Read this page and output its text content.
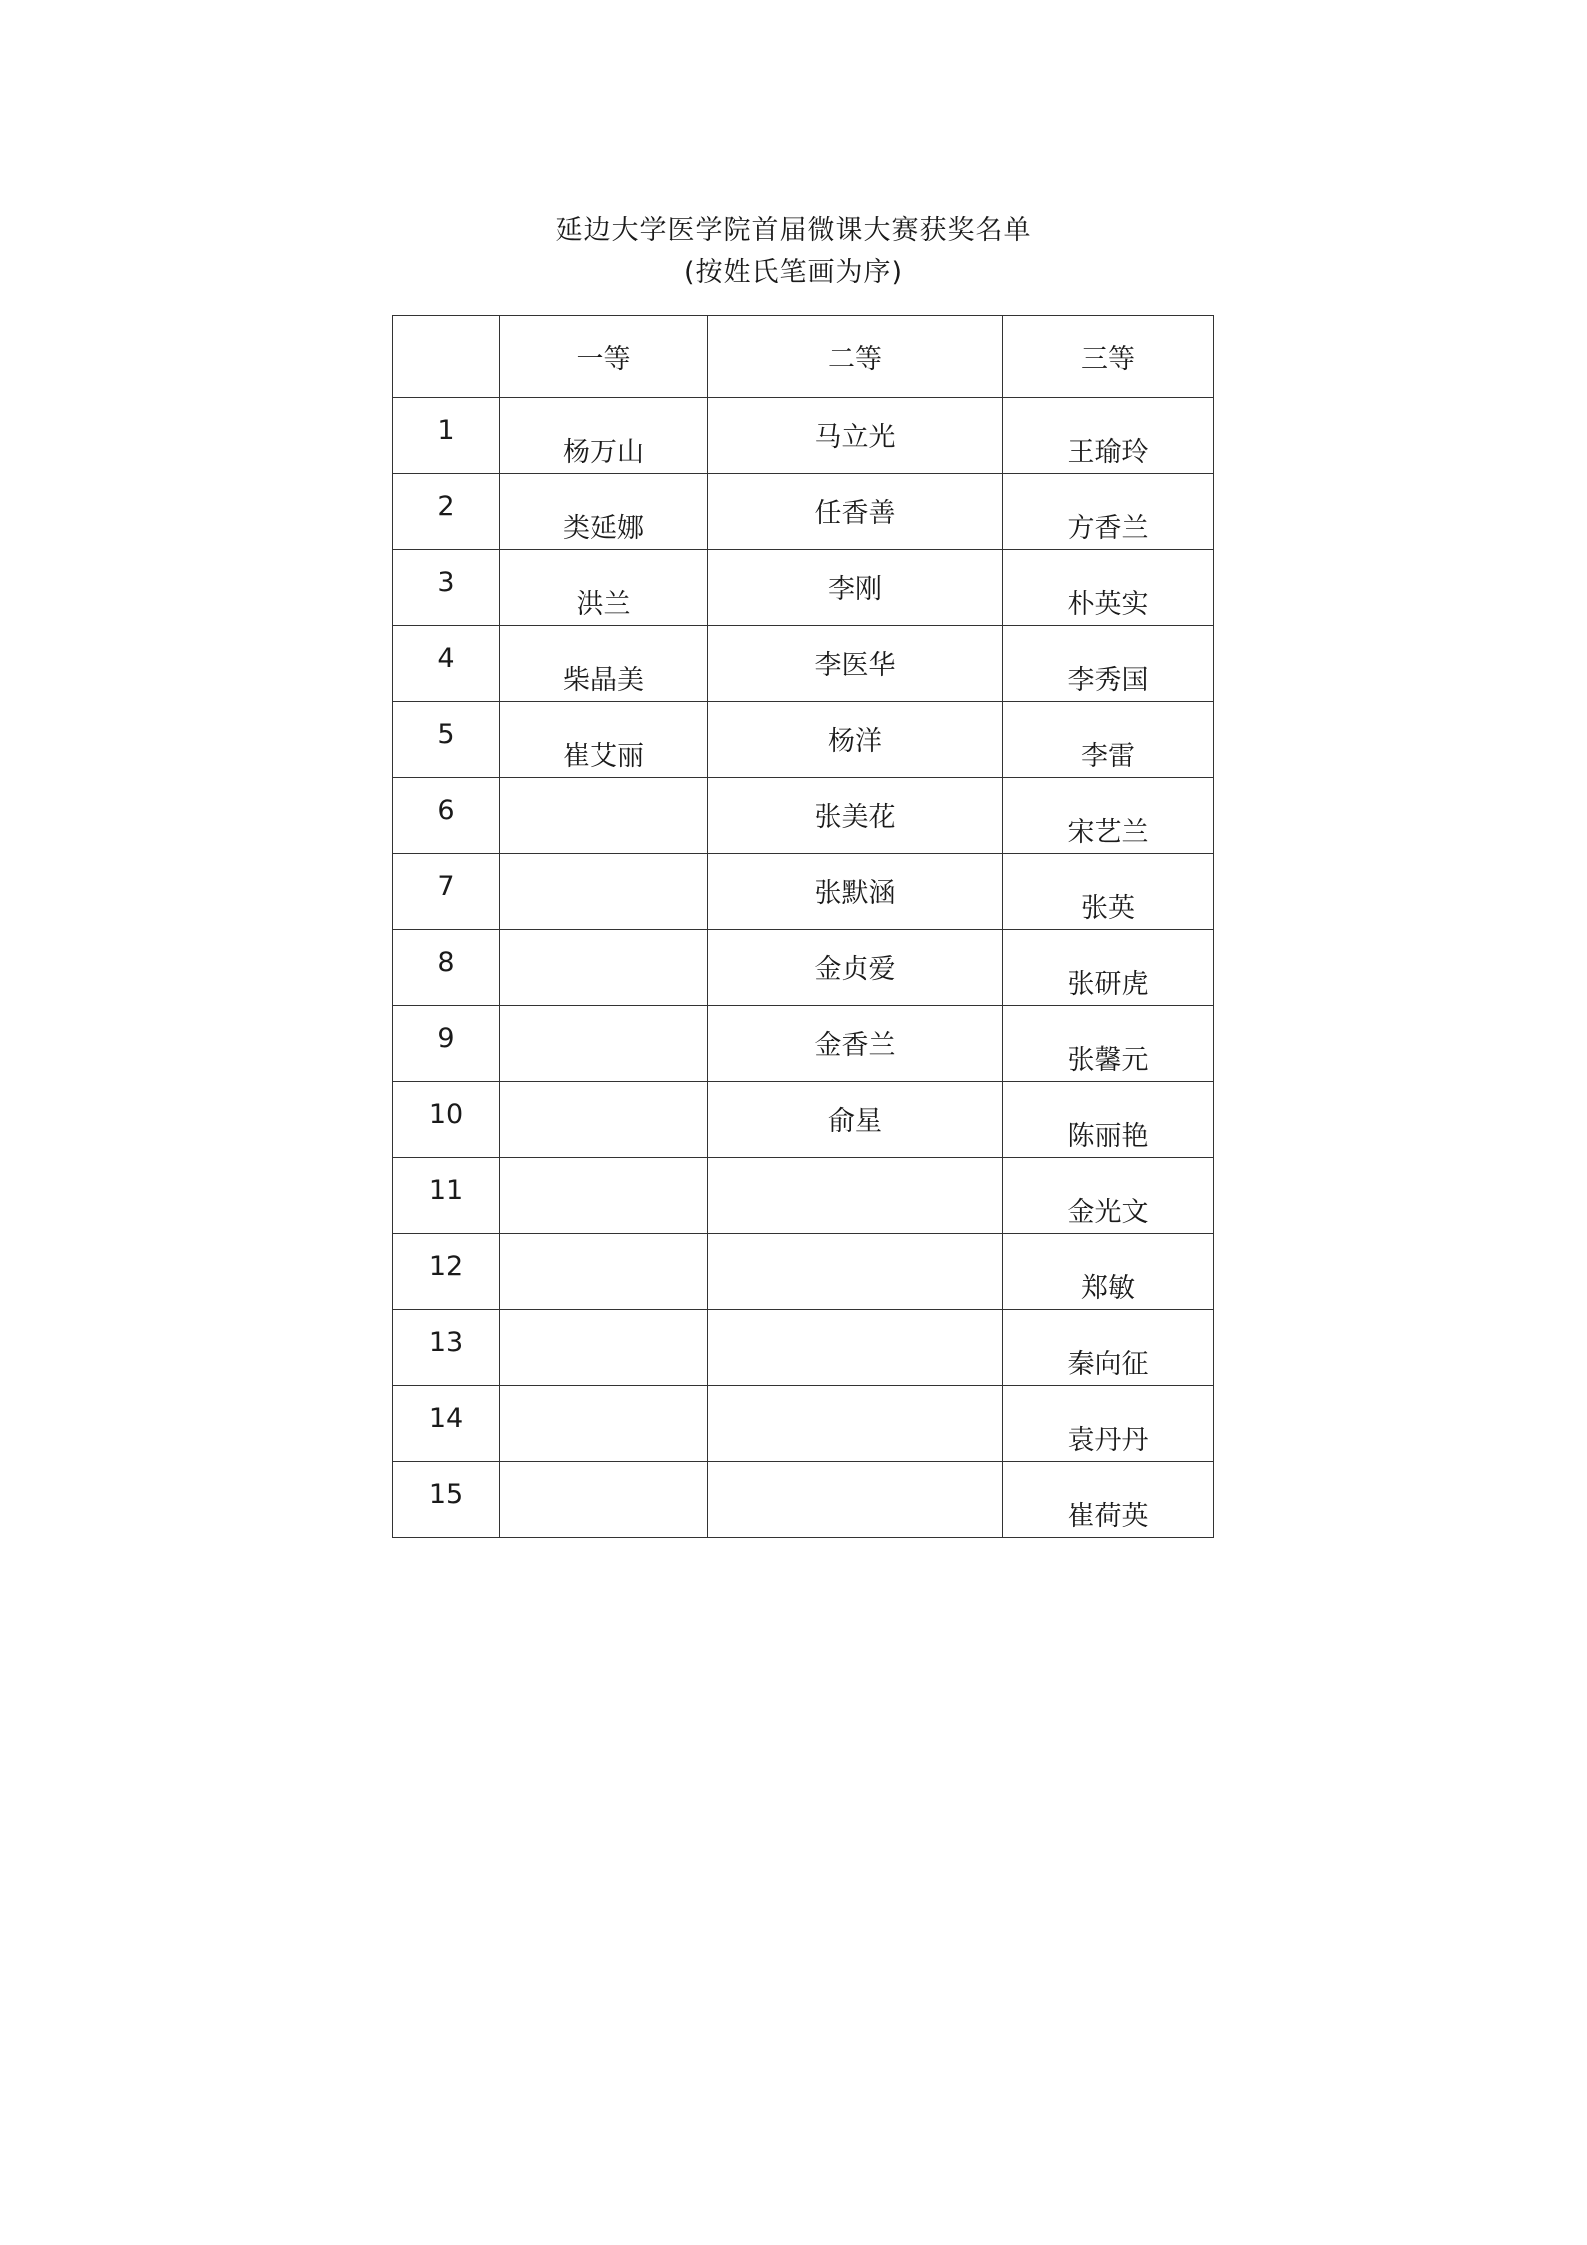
延边大学医学院首届微课大赛获奖名单
(按姓氏笔画为序)
	一等	二等	三等

1	杨万山	马立光	王瑜玲

2	类延娜	任香善	方香兰

3	洪兰	李刚	朴英实

4	柴晶美	李医华	李秀国

5	崔艾丽	杨洋	李雷

6		张美花	宋艺兰

7		张默涵	张英

8		金贞爱	张研虎

9		金香兰	张馨元

10		俞星	陈丽艳

11			金光文

12			郑敏

13			秦向征

14			袁丹丹

15			崔荷英
